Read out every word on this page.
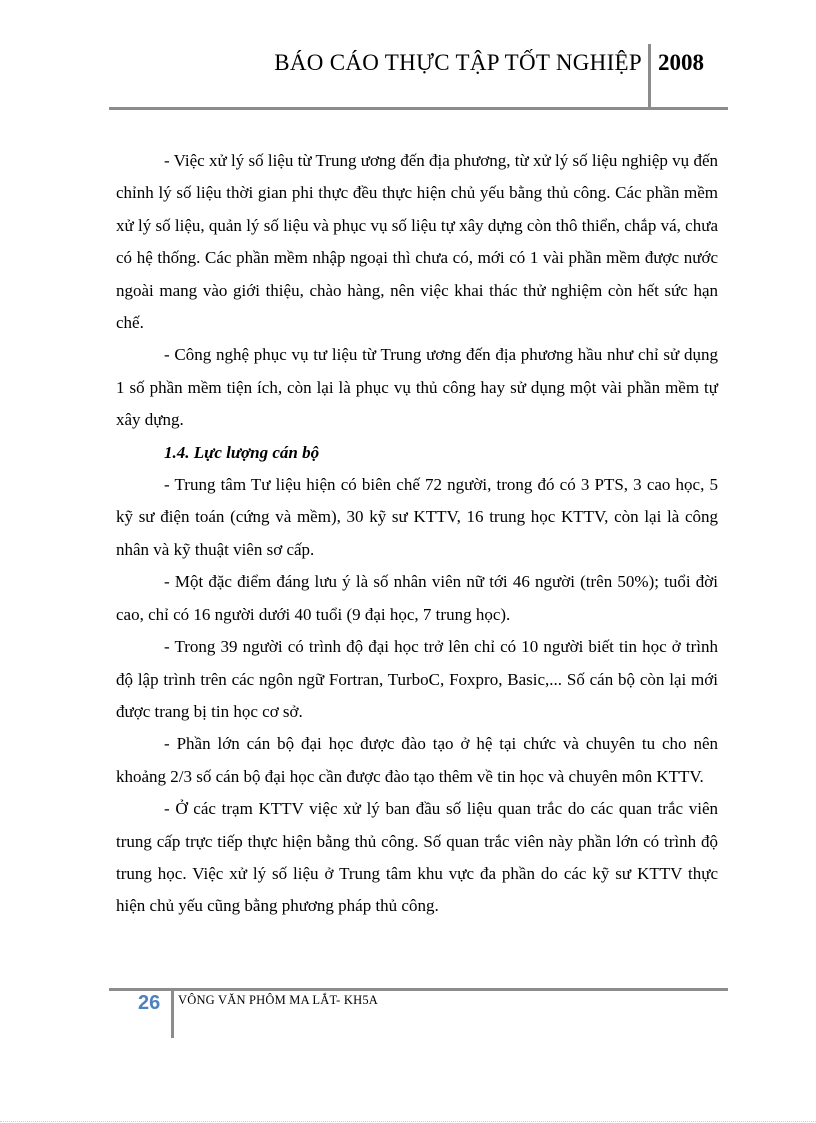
BÁO CÁO THỰC TẬP TỐT NGHIỆP 2008

- Việc xử lý số liệu từ Trung ương đến địa phương, từ xử lý số liệu nghiệp vụ đến chỉnh lý số liệu thời gian phi thực đều thực hiện chủ yếu bằng thủ công. Các phần mềm xử lý số liệu, quản lý số liệu và phục vụ số liệu tự xây dựng còn thô thiển, chắp vá, chưa có hệ thống. Các phần mềm nhập ngoại thì chưa có, mới có 1 vài phần mềm được nước ngoài mang vào giới thiệu, chào hàng, nên việc khai thác thử nghiệm còn hết sức hạn chế.

- Công nghệ phục vụ tư liệu từ Trung ương đến địa phương hầu như chỉ sử dụng 1 số phần mềm tiện ích, còn lại là phục vụ thủ công hay sử dụng một vài phần mềm tự xây dựng.

1.4. Lực lượng cán bộ

- Trung tâm Tư liệu hiện có biên chế 72 người, trong đó có 3 PTS, 3 cao học, 5 kỹ sư điện toán (cứng và mềm), 30 kỹ sư KTTV, 16 trung học KTTV, còn lại là công nhân và kỹ thuật viên sơ cấp.

- Một đặc điểm đáng lưu ý là số nhân viên nữ tới 46 người (trên 50%); tuổi đời cao, chỉ có 16 người dưới 40 tuổi (9 đại học, 7 trung học).

- Trong 39 người có trình độ đại học trở lên chỉ có 10 người biết tin học ở trình độ lập trình trên các ngôn ngữ Fortran, TurboC, Foxpro, Basic,... Số cán bộ còn lại mới được trang bị tin học cơ sở.

- Phần lớn cán bộ đại học được đào tạo ở hệ tại chức và chuyên tu cho nên khoảng 2/3 số cán bộ đại học cần được đào tạo thêm về tin học và chuyên môn KTTV.

- Ở các trạm KTTV việc xử lý ban đầu số liệu quan trắc do các quan trắc viên trung cấp trực tiếp thực hiện bằng thủ công. Số quan trắc viên này phần lớn có trình độ trung học. Việc xử lý số liệu ở Trung tâm khu vực đa phần do các kỹ sư KTTV thực hiện chủ yếu cũng bằng phương pháp thủ công.

26 VÔNG VĂN PHÔM MA LẮT- KH5A
